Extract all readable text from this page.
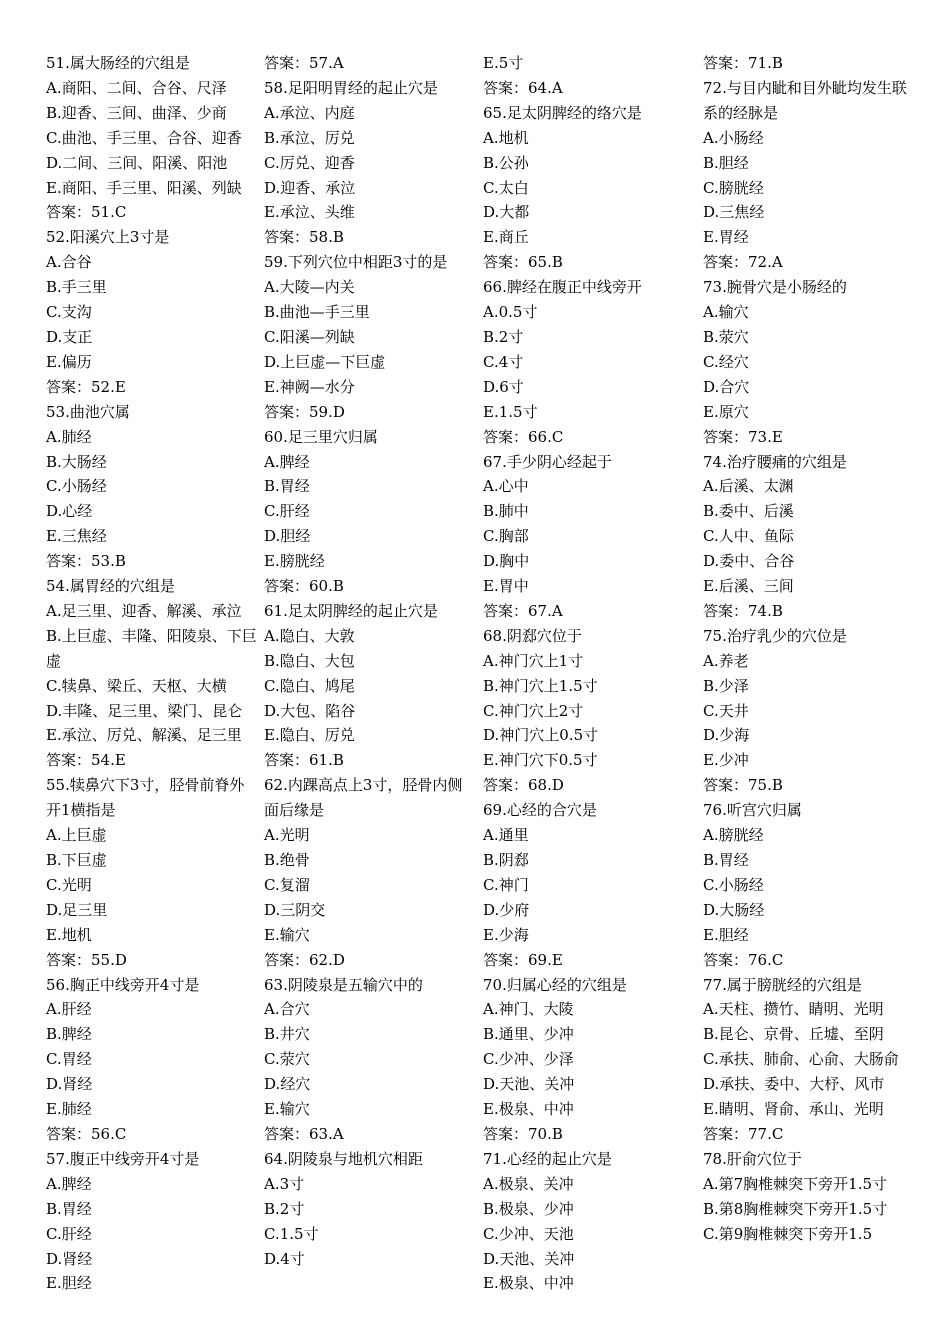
51.属大肠经的穴组是
A.商阳、二间、合谷、尺泽
B.迎香、三间、曲泽、少商
C.曲池、手三里、合谷、迎香
D.二间、三间、阳溪、阳池
E.商阳、手三里、阳溪、列缺
答案：51.C
52.阳溪穴上3寸是
A.合谷
B.手三里
C.支沟
D.支正
E.偏历
答案：52.E
53.曲池穴属
A.肺经
B.大肠经
C.小肠经
D.心经
E.三焦经
答案：53.B
54.属胃经的穴组是
A.足三里、迎香、解溪、承泣
B.上巨虚、丰隆、阳陵泉、下巨虚
C.犊鼻、梁丘、天枢、大横
D.丰隆、足三里、梁门、昆仑
E.承泣、厉兑、解溪、足三里
答案：54.E
55.犊鼻穴下3寸，胫骨前脊外开1横指是
A.上巨虚
B.下巨虚
C.光明
D.足三里
E.地机
答案：55.D
56.胸正中线旁开4寸是
A.肝经
B.脾经
C.胃经
D.肾经
E.肺经
答案：56.C
57.腹正中线旁开4寸是
A.脾经
B.胃经
C.肝经
D.肾经
E.胆经
答案：57.A
58.足阳明胃经的起止穴是
A.承泣、内庭
B.承泣、厉兑
C.厉兑、迎香
D.迎香、承泣
E.承泣、头维
答案：58.B
59.下列穴位中相距3寸的是
A.大陵—内关
B.曲池—手三里
C.阳溪—列缺
D.上巨虚—下巨虚
E.神阙—水分
答案：59.D
60.足三里穴归属
A.脾经
B.胃经
C.肝经
D.胆经
E.膀胱经
答案：60.B
61.足太阴脾经的起止穴是
A.隐白、大敦
B.隐白、大包
C.隐白、鸠尾
D.大包、陷谷
E.隐白、厉兑
答案：61.B
62.内踝高点上3寸，胫骨内侧面后缘是
A.光明
B.绝骨
C.复溜
D.三阴交
E.输穴
答案：62.D
63.阴陵泉是五输穴中的
A.合穴
B.井穴
C.荥穴
D.经穴
E.输穴
答案：63.A
64.阴陵泉与地机穴相距
A.3寸
B.2寸
C.1.5寸
D.4寸
E.5寸
答案：64.A
65.足太阴脾经的络穴是
A.地机
B.公孙
C.太白
D.大都
E.商丘
答案：65.B
66.脾经在腹正中线旁开
A.0.5寸
B.2寸
C.4寸
D.6寸
E.1.5寸
答案：66.C
67.手少阴心经起于
A.心中
B.肺中
C.胸部
D.胸中
E.胃中
答案：67.A
68.阴郄穴位于
A.神门穴上1寸
B.神门穴上1.5寸
C.神门穴上2寸
D.神门穴上0.5寸
E.神门穴下0.5寸
答案：68.D
69.心经的合穴是
A.通里
B.阴郄
C.神门
D.少府
E.少海
答案：69.E
70.归属心经的穴组是
A.神门、大陵
B.通里、少冲
C.少冲、少泽
D.天池、关冲
E.极泉、中冲
答案：70.B
71.心经的起止穴是
A.极泉、关冲
B.极泉、少冲
C.少冲、天池
D.天池、关冲
E.极泉、中冲
答案：71.B
72.与目内眦和目外眦均发生联系的经脉是
A.小肠经
B.胆经
C.膀胱经
D.三焦经
E.胃经
答案：72.A
73.腕骨穴是小肠经的
A.输穴
B.荥穴
C.经穴
D.合穴
E.原穴
答案：73.E
74.治疗腰痛的穴组是
A.后溪、太渊
B.委中、后溪
C.人中、鱼际
D.委中、合谷
E.后溪、三间
答案：74.B
75.治疗乳少的穴位是
A.养老
B.少泽
C.天井
D.少海
E.少冲
答案：75.B
76.听宫穴归属
A.膀胱经
B.胃经
C.小肠经
D.大肠经
E.胆经
答案：76.C
77.属于膀胱经的穴组是
A.天柱、攒竹、睛明、光明
B.昆仑、京骨、丘墟、至阴
C.承扶、肺俞、心俞、大肠俞
D.承扶、委中、大杼、风市
E.睛明、肾俞、承山、光明
答案：77.C
78.肝俞穴位于
A.第7胸椎棘突下旁开1.5寸
B.第8胸椎棘突下旁开1.5寸
C.第9胸椎棘突下旁开1.5
